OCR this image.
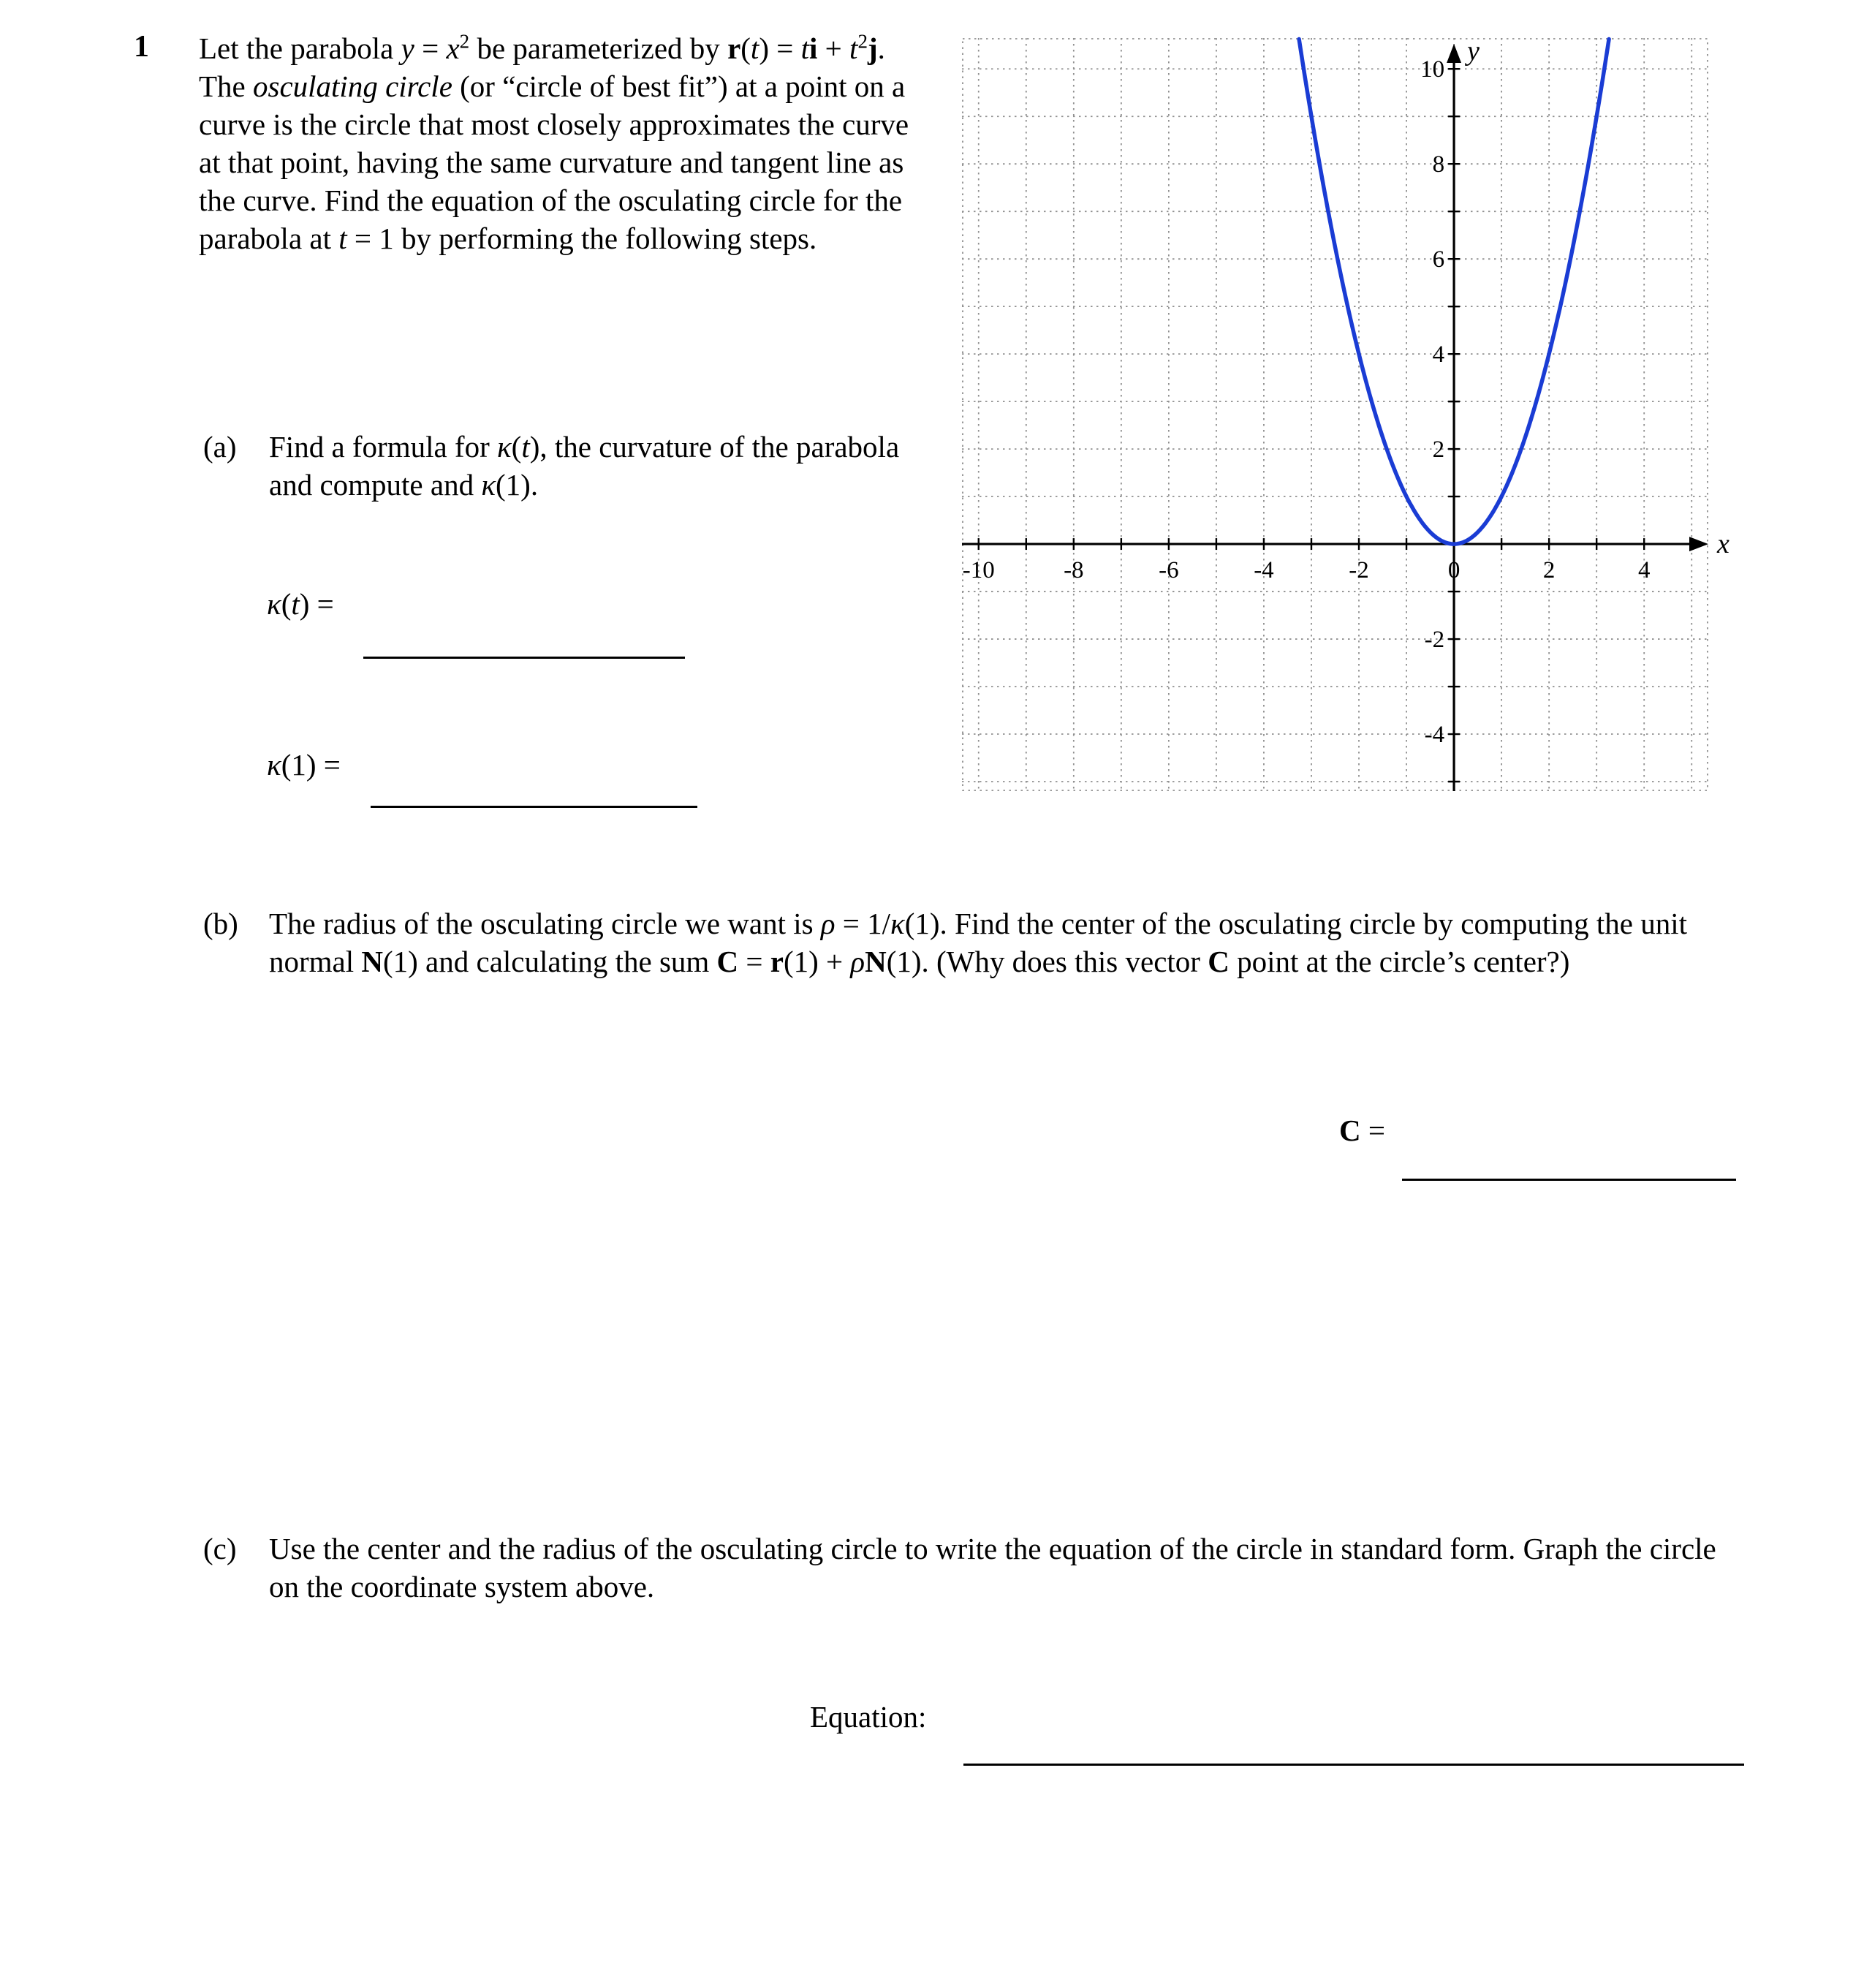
1 Let the parabola $y = x^2$ be parameterized by r(t) = ti + $t^2j$. The osculating circle (or “circle of best fit”) at a point on a curve is the circle that most closely approximates the curve at that point, having the same curvature and tangent line as the curve. Find the equation of the osculating circle for the parabola at t = 1 by performing the following steps.
-10	-8	-6	-4	-2	0	2	4
10
8
6
4
2
-2
-4
x
y
(a) Find a formula for κ(t), the curvature of the parabola and compute and κ(1).
κ(t) =
κ(1) =
(b) The radius of the osculating circle we want is ρ = 1/κ(1). Find the center of the osculating circle by computing the unit normal N(1) and calculating the sum C = r(1) + ρN(1). (Why does this vector C point at the circle’s center?)
C =
(c) Use the center and the radius of the osculating circle to write the equation of the circle in standard form. Graph the circle on the coordinate system above.
Equation:
